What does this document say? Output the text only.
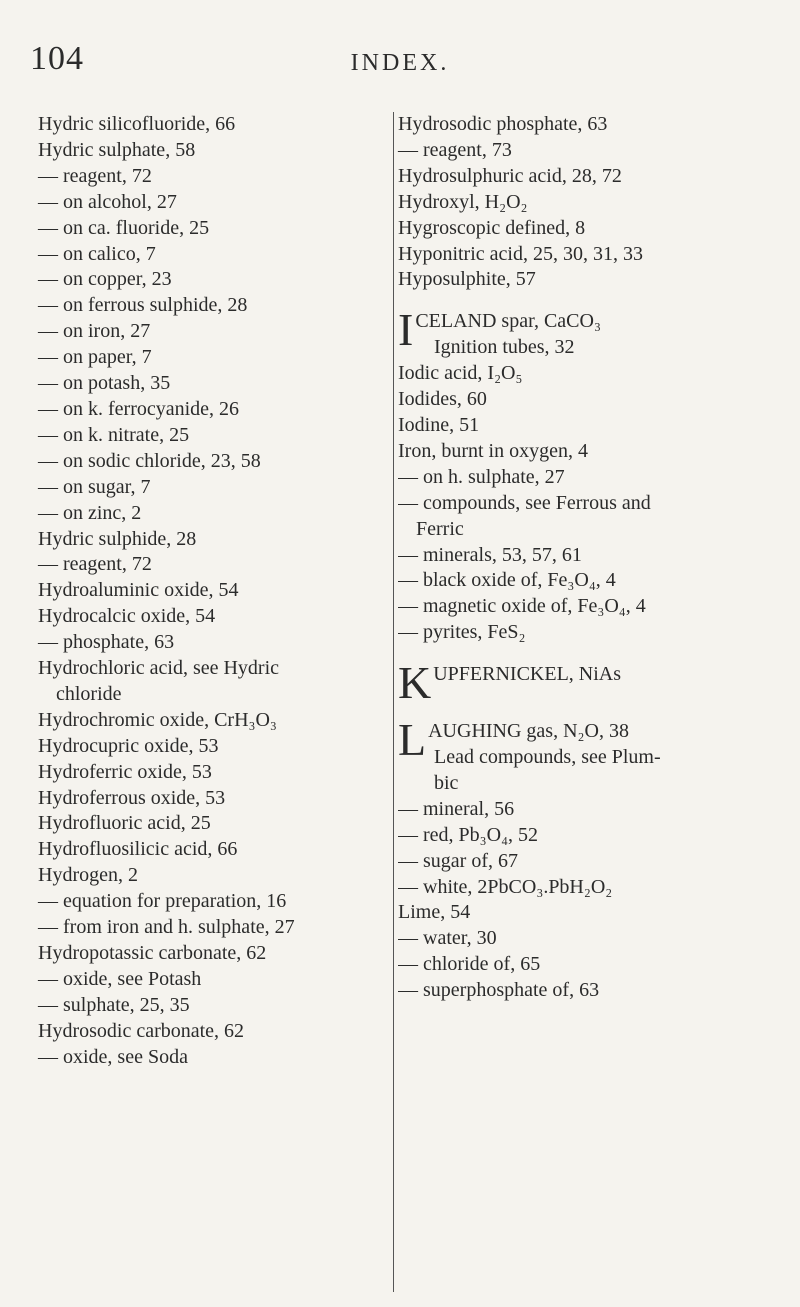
104	INDEX.
Hydric silicofluoride, 66
Hydric sulphate, 58
— reagent, 72
— on alcohol, 27
— on ca. fluoride, 25
— on calico, 7
— on copper, 23
— on ferrous sulphide, 28
— on iron, 27
— on paper, 7
— on potash, 35
— on k. ferrocyanide, 26
— on k. nitrate, 25
— on sodic chloride, 23, 58
— on sugar, 7
— on zinc, 2
Hydric sulphide, 28
— reagent, 72
Hydroaluminic oxide, 54
Hydrocalcic oxide, 54
— phosphate, 63
Hydrochloric acid, see Hydric
chloride
Hydrochromic oxide, CrH₃O₃
Hydrocupric oxide, 53
Hydroferric oxide, 53
Hydroferrous oxide, 53
Hydrofluoric acid, 25
Hydrofluosilicic acid, 66
Hydrogen, 2
— equation for preparation, 16
— from iron and h. sulphate, 27
Hydropotassic carbonate, 62
— oxide, see Potash
— sulphate, 25, 35
Hydrosodic carbonate, 62
— oxide, see Soda
Hydrosodic phosphate, 63
— reagent, 73
Hydrosulphuric acid, 28, 72
Hydroxyl, H₂O₂
Hygroscopic defined, 8
Hyponitric acid, 25, 30, 31, 33
Hyposulphite, 57
ICELAND spar, CaCO₃
Ignition tubes, 32
Iodic acid, I₂O₅
Iodides, 60
Iodine, 51
Iron, burnt in oxygen, 4
— on h. sulphate, 27
— compounds, see Ferrous and
Ferric
— minerals, 53, 57, 61
— black oxide of, Fe₃O₄, 4
— magnetic oxide of, Fe₃O₄, 4
— pyrites, FeS₂
KUPFERNICKEL, NiAs
LAUGHING gas, N₂O, 38
Lead compounds, see Plum-
bic
— mineral, 56
— red, Pb₃O₄, 52
— sugar of, 67
— white, 2PbCO₃.PbH₂O₂
Lime, 54
— water, 30
— chloride of, 65
— superphosphate of, 63
